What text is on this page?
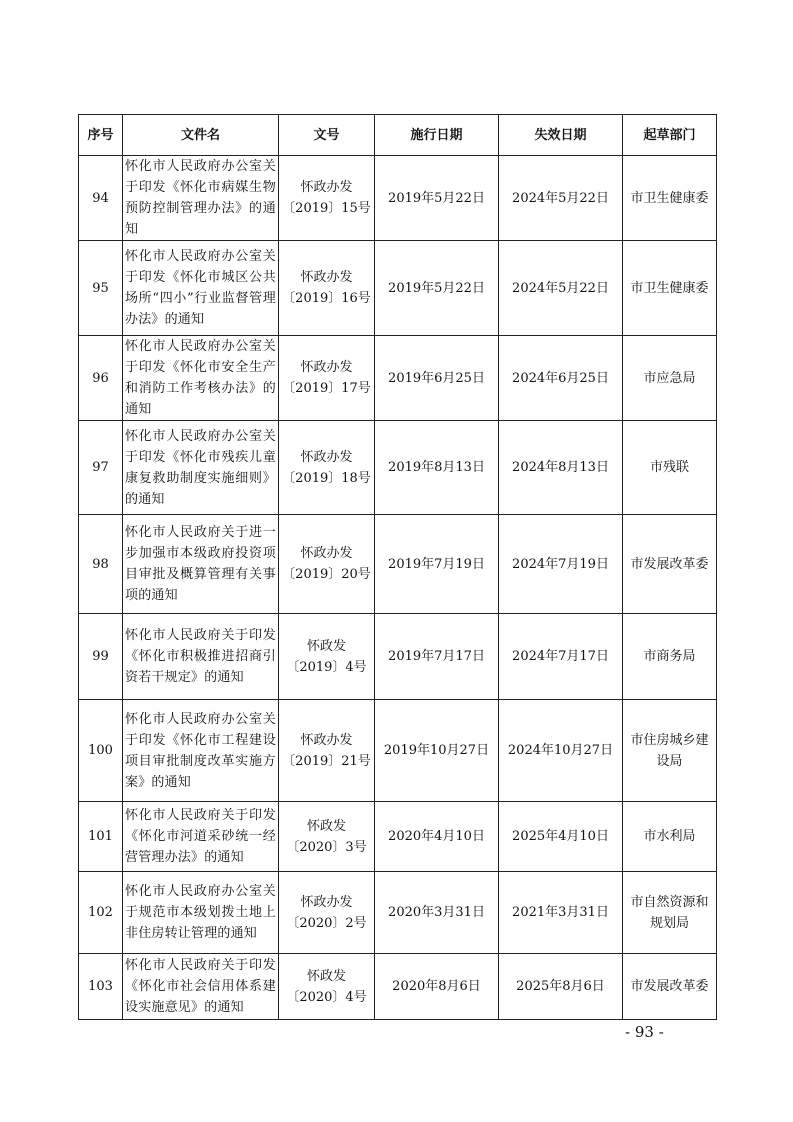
序号	文件名	文号	施行日期	失效日期	起草部门
94	怀化市人民政府办公室关于印发《怀化市病媒生物预防控制管理办法》的通知	怀政办发〔2019〕15号	2019年5月22日	2024年5月22日	市卫生健康委
95	怀化市人民政府办公室关于印发《怀化市城区公共场所“四小”行业监督管理办法》的通知	怀政办发〔2019〕16号	2019年5月22日	2024年5月22日	市卫生健康委
96	怀化市人民政府办公室关于印发《怀化市安全生产和消防工作考核办法》的通知	怀政办发〔2019〕17号	2019年6月25日	2024年6月25日	市应急局
97	怀化市人民政府办公室关于印发《怀化市残疾儿童康复救助制度实施细则》的通知	怀政办发〔2019〕18号	2019年8月13日	2024年8月13日	市残联
98	怀化市人民政府关于进一步加强市本级政府投资项目审批及概算管理有关事项的通知	怀政办发〔2019〕20号	2019年7月19日	2024年7月19日	市发展改革委
99	怀化市人民政府关于印发《怀化市积极推进招商引资若干规定》的通知	怀政发〔2019〕4号	2019年7月17日	2024年7月17日	市商务局
100	怀化市人民政府办公室关于印发《怀化市工程建设项目审批制度改革实施方案》的通知	怀政办发〔2019〕21号	2019年10月27日	2024年10月27日	市住房城乡建设局
101	怀化市人民政府关于印发《怀化市河道采砂统一经营管理办法》的通知	怀政发〔2020〕3号	2020年4月10日	2025年4月10日	市水利局
102	怀化市人民政府办公室关于规范市本级划拨土地上非住房转让管理的通知	怀政办发〔2020〕2号	2020年3月31日	2021年3月31日	市自然资源和规划局
103	怀化市人民政府关于印发《怀化市社会信用体系建设实施意见》的通知	怀政发〔2020〕4号	2020年8月6日	2025年8月6日	市发展改革委
- 93 -
